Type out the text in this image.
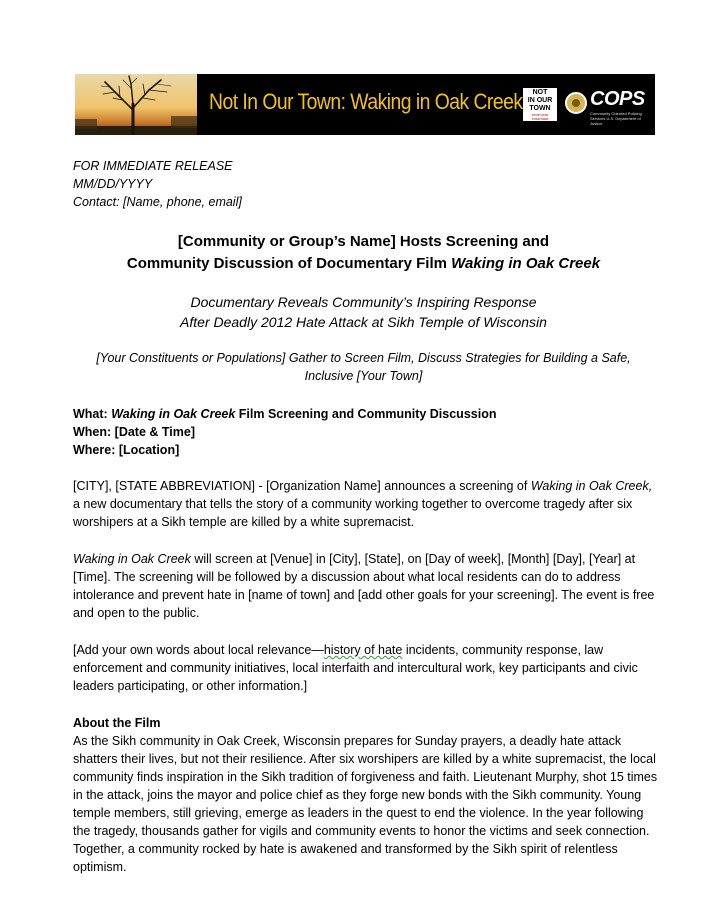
Not In Our Town: Waking in Oak Creek	NOT
IN OUR
TOWN
STOP HATE TOGETHER
COPS
Community Oriented Policing Services U.S. Department of Justice
FOR IMMEDIATE RELEASE
MM/DD/YYYY
Contact: [Name, phone, email]
[Community or Group’s Name] Hosts Screening and
Community Discussion of Documentary Film Waking in Oak Creek
Documentary Reveals Community’s Inspiring Response
After Deadly 2012 Hate Attack at Sikh Temple of Wisconsin
[Your Constituents or Populations] Gather to Screen Film, Discuss Strategies for Building a Safe, Inclusive [Your Town]
What: Waking in Oak Creek Film Screening and Community Discussion
When: [Date & Time]
Where: [Location]
[CITY], [STATE ABBREVIATION] - [Organization Name] announces a screening of Waking in Oak Creek, a new documentary that tells the story of a community working together to overcome tragedy after six worshipers at a Sikh temple are killed by a white supremacist.
Waking in Oak Creek will screen at [Venue] in [City], [State], on [Day of week], [Month] [Day], [Year] at [Time]. The screening will be followed by a discussion about what local residents can do to address intolerance and prevent hate in [name of town] and [add other goals for your screening]. The event is free and open to the public.
[Add your own words about local relevance—history of hate incidents, community response, law enforcement and community initiatives, local interfaith and intercultural work, key participants and civic leaders participating, or other information.]
About the Film
As the Sikh community in Oak Creek, Wisconsin prepares for Sunday prayers, a deadly hate attack shatters their lives, but not their resilience. After six worshipers are killed by a white supremacist, the local community finds inspiration in the Sikh tradition of forgiveness and faith. Lieutenant Murphy, shot 15 times in the attack, joins the mayor and police chief as they forge new bonds with the Sikh community. Young temple members, still grieving, emerge as leaders in the quest to end the violence. In the year following the tragedy, thousands gather for vigils and community events to honor the victims and seek connection. Together, a community rocked by hate is awakened and transformed by the Sikh spirit of relentless optimism.
